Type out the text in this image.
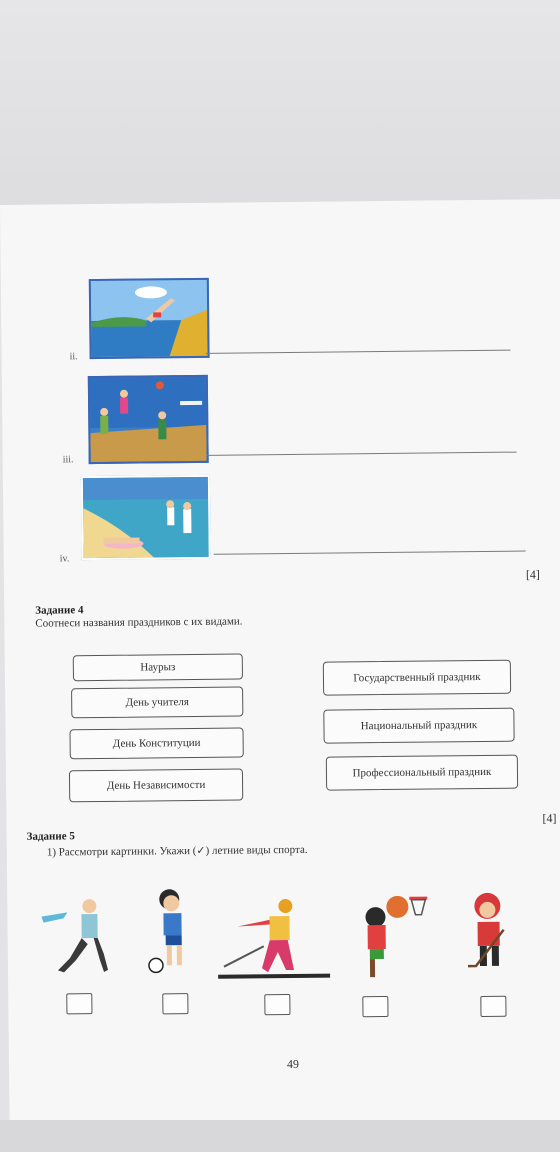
ii.
iii.
iv.
[4]
Задание 4
Соотнеси названия праздников с их видами.
Наурыз
День учителя
День Конституции
День Независимости
Государственный праздник
Национальный праздник
Профессиональный праздник
[4]
Задание 5
1) Рассмотри картинки. Укажи (✓) летние виды спорта.
49
